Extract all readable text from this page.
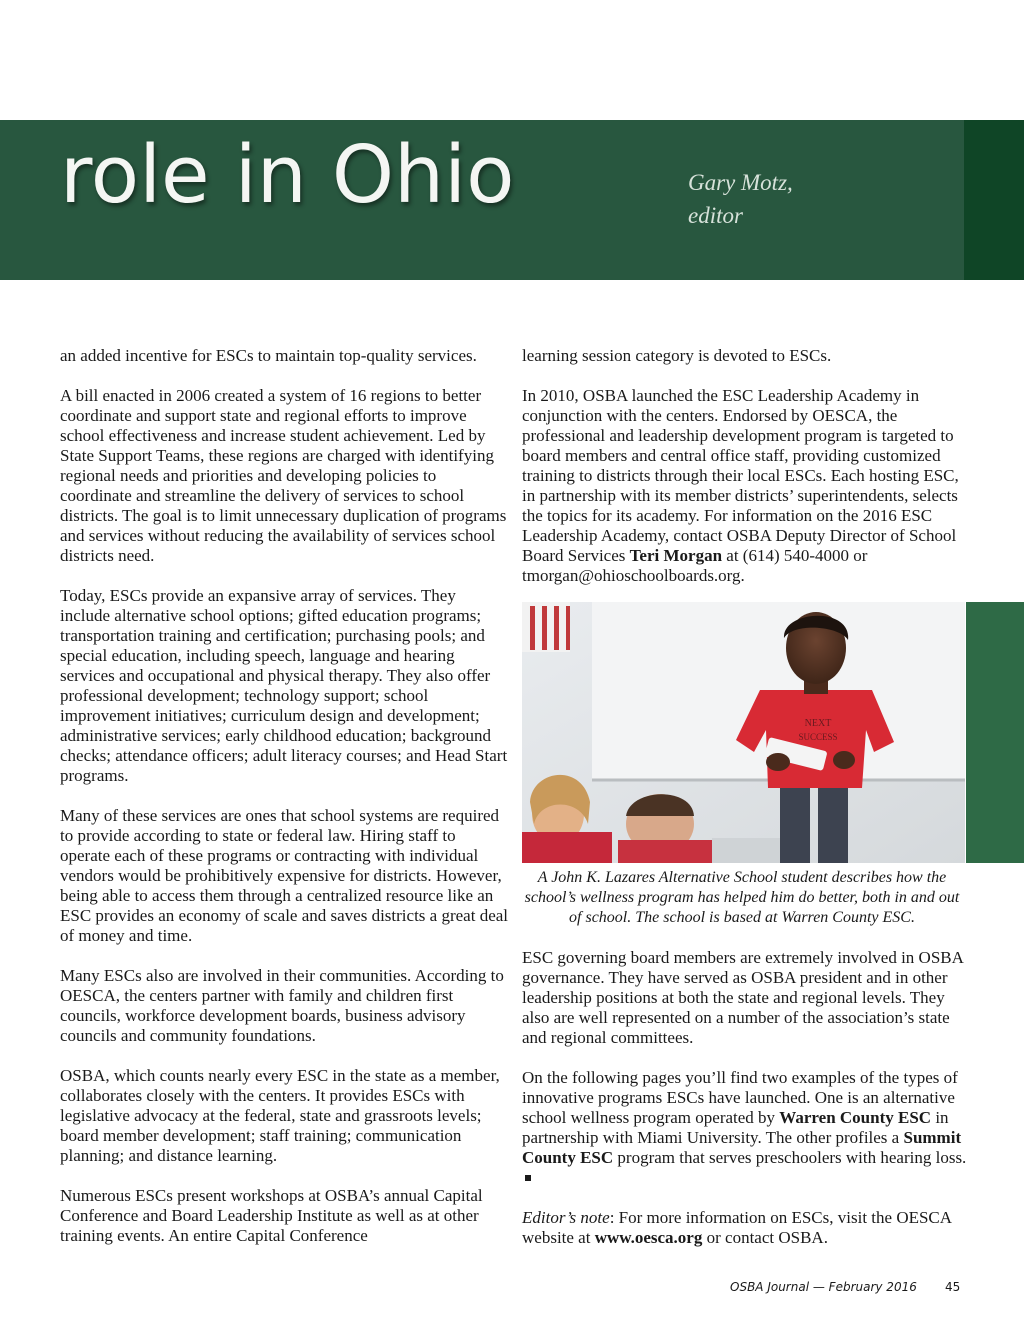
role in Ohio	Gary Motz,
editor

an added incentive for ESCs to maintain top-quality services.

A bill enacted in 2006 created a system of 16 regions to better coordinate and support state and regional efforts to improve school effectiveness and increase student achievement. Led by State Support Teams, these regions are charged with identifying regional needs and priorities and developing policies to coordinate and streamline the delivery of services to school districts. The goal is to limit unnecessary duplication of programs and services without reducing the availability of services school districts need.

Today, ESCs provide an expansive array of services. They include alternative school options; gifted education programs; transportation training and certification; purchasing pools; and special education, including speech, language and hearing services and occupational and physical therapy. They also offer professional development; technology support; school improvement initiatives; curriculum design and development; administrative services; early childhood education; background checks; attendance officers; adult literacy courses; and Head Start programs.

Many of these services are ones that school systems are required to provide according to state or federal law. Hiring staff to operate each of these programs or contracting with individual vendors would be prohibitively expensive for districts. However, being able to access them through a centralized resource like an ESC provides an economy of scale and saves districts a great deal of money and time.

Many ESCs also are involved in their communities. According to OESCA, the centers partner with family and children first councils, workforce development boards, business advisory councils and community foundations.

OSBA, which counts nearly every ESC in the state as a member, collaborates closely with the centers. It provides ESCs with legislative advocacy at the federal, state and grassroots levels; board member development; staff training; communication planning; and distance learning.

Numerous ESCs present workshops at OSBA’s annual Capital Conference and Board Leadership Institute as well as at other training events. An entire Capital Conference

learning session category is devoted to ESCs.

In 2010, OSBA launched the ESC Leadership Academy in conjunction with the centers. Endorsed by OESCA, the professional and leadership development program is targeted to board members and central office staff, providing customized training to districts through their local ESCs. Each hosting ESC, in partnership with its member districts’ superintendents, selects the topics for its academy. For information on the 2016 ESC Leadership Academy, contact OSBA Deputy Director of School Board Services Teri Morgan at (614) 540-4000 or tmorgan@ohioschoolboards.org.

NEXT
SUCCESS
A John K. Lazares Alternative School student describes how the
school’s wellness program has helped him do better, both in and out
of school. The school is based at Warren County ESC.

ESC governing board members are extremely involved in OSBA governance. They have served as OSBA president and in other leadership positions at both the state and regional levels. They also are well represented on a number of the association’s state and regional committees.

On the following pages you’ll find two examples of the types of innovative programs ESCs have launched. One is an alternative school wellness program operated by Warren County ESC in partnership with Miami University. The other profiles a Summit County ESC program that serves preschoolers with hearing loss.

Editor’s note: For more information on ESCs, visit the OESCA website at www.oesca.org or contact OSBA.

OSBA Journal — February 2016 45
